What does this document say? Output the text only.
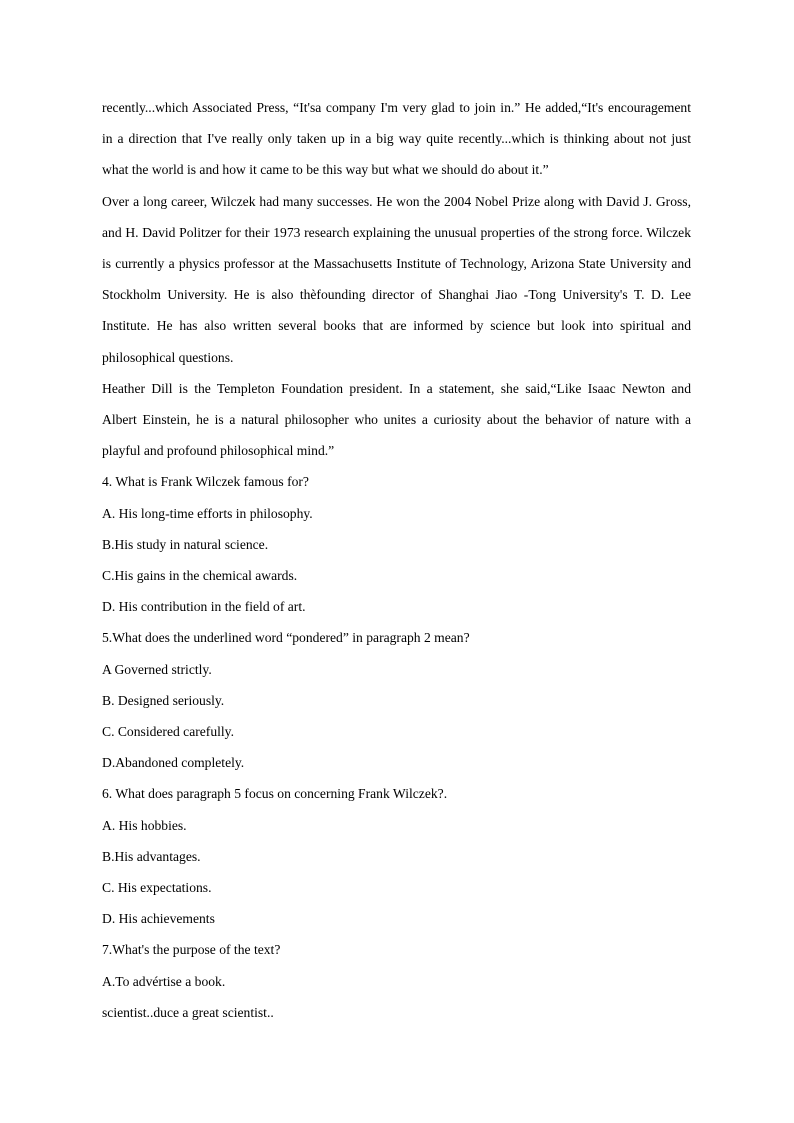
recently...which Associated Press, “It'sa company I'm very glad to join in.” He added,“It's encouragement
in a direction that I've really only taken up in a big way quite recently...which is thinking about not just
what the world is and how it came to be this way but what we should do about it.”
Over a long career, Wilczek had many successes. He won the 2004 Nobel Prize along with David J. Gross,
and H. David Politzer for their 1973 research explaining the unusual properties of the strong force. Wilczek
is currently a physics professor at the Massachusetts Institute of Technology, Arizona State University and
Stockholm University. He is also thèfounding director of Shanghai Jiao -Tong University's T. D. Lee
Institute. He has also written several books that are informed by science but look into spiritual and
philosophical questions.
Heather Dill is the Templeton Foundation president. In a statement, she said,“Like Isaac Newton and
Albert Einstein, he is a natural philosopher who unites a curiosity about the behavior of nature with a
playful and profound philosophical mind.”
4. What is Frank Wilczek famous for?
A. His long-time efforts in philosophy.
B.His study in natural science.
C.His gains in the chemical awards.
D. His contribution in the field of art.
5.What does the underlined word “pondered” in paragraph 2 mean?
A Governed strictly.
B. Designed seriously.
C. Considered carefully.
D.Abandoned completely.
6. What does paragraph 5 focus on concerning Frank Wilczek?.
A. His hobbies.
B.His advantages.
C. His expectations.
D. His achievements
7.What's the purpose of the text?
A.To advértise a book.
scientist..duce a great scientist..
